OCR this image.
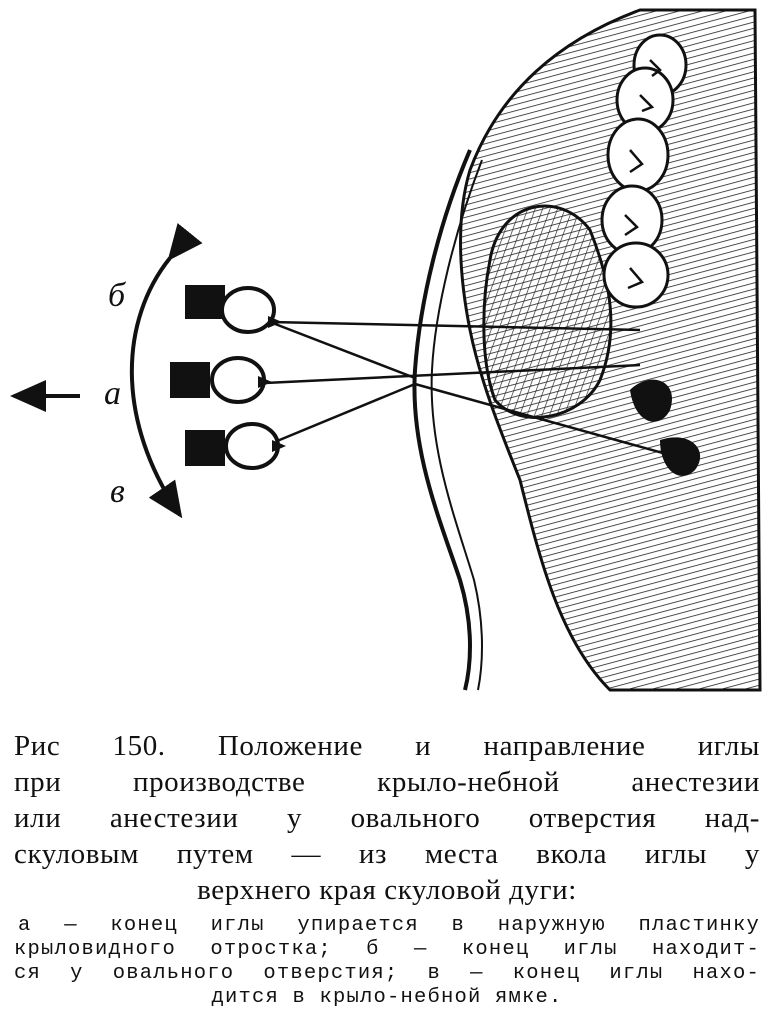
б
а
в
Рис 150. Положение и направление иглы
при производстве крыло-небной анестезии
или анестезии у овального отверстия над-
скуловым путем — из места вкола иглы у
верхнего края скуловой дуги:
а — конец иглы упирается в наружную пластинку
крыловидного отростка; б — конец иглы находит-
ся у овального отверстия; в — конец иглы нахо-
дится в крыло-небной ямке.
